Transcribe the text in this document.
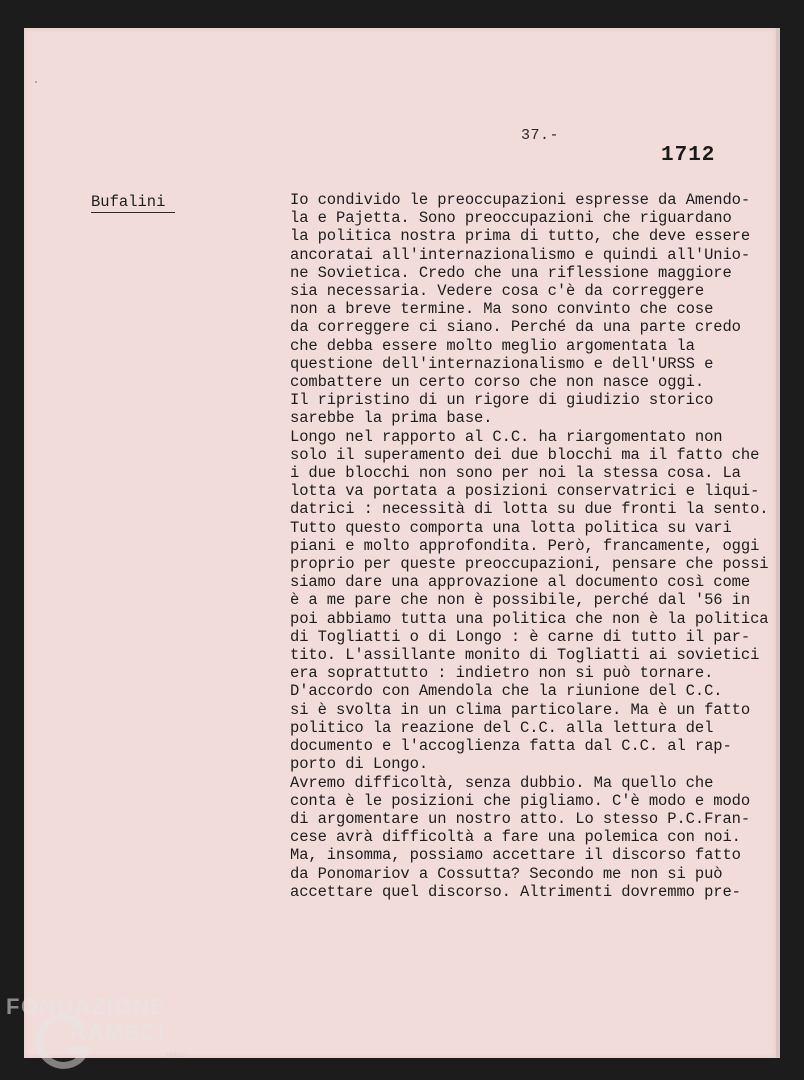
37.-
1712
Bufalini	Io condivido le preoccupazioni espresse da Amendo-
la e Pajetta. Sono preoccupazioni che riguardano
la politica nostra prima di tutto, che deve essere
ancoratai all'internazionalismo e quindi all'Unio-
ne Sovietica. Credo che una riflessione maggiore
sia necessaria. Vedere cosa c'è da correggere
non a breve termine. Ma sono convinto che cose
da correggere ci siano. Perché da una parte credo
che debba essere molto meglio argomentata la
questione dell'internazionalismo e dell'URSS e
combattere un certo corso che non nasce oggi.
Il ripristino di un rigore di giudizio storico
sarebbe la prima base.
Longo nel rapporto al C.C. ha riargomentato non
solo il superamento dei due blocchi ma il fatto che
i due blocchi non sono per noi la stessa cosa. La
lotta va portata a posizioni conservatrici e liqui-
datrici : necessità di lotta su due fronti la sento.
Tutto questo comporta una lotta politica su vari
piani e molto approfondita. Però, francamente, oggi
proprio per queste preoccupazioni, pensare che possi
siamo dare una approvazione al documento così come
è a me pare che non è possibile, perché dal '56 in
poi abbiamo tutta una politica che non è la politica
di Togliatti o di Longo : è carne di tutto il par-
tito. L'assillante monito di Togliatti ai sovietici
era soprattutto : indietro non si può tornare.
D'accordo con Amendola che la riunione del C.C.
si è svolta in un clima particolare. Ma è un fatto
politico la reazione del C.C. alla lettura del
documento e l'accoglienza fatta dal C.C. al rap-
porto di Longo.
Avremo difficoltà, senza dubbio. Ma quello che
conta è le posizioni che pigliamo. C'è modo e modo
di argomentare un nostro atto. Lo stesso P.C.Fran-
cese avrà difficoltà a fare una polemica con noi.
Ma, insomma, possiamo accettare il discorso fatto
da Ponomariov a Cossutta? Secondo me non si può
accettare quel discorso. Altrimenti dovremmo pre-
FONDAZIONE
RAMSCI
onlus
